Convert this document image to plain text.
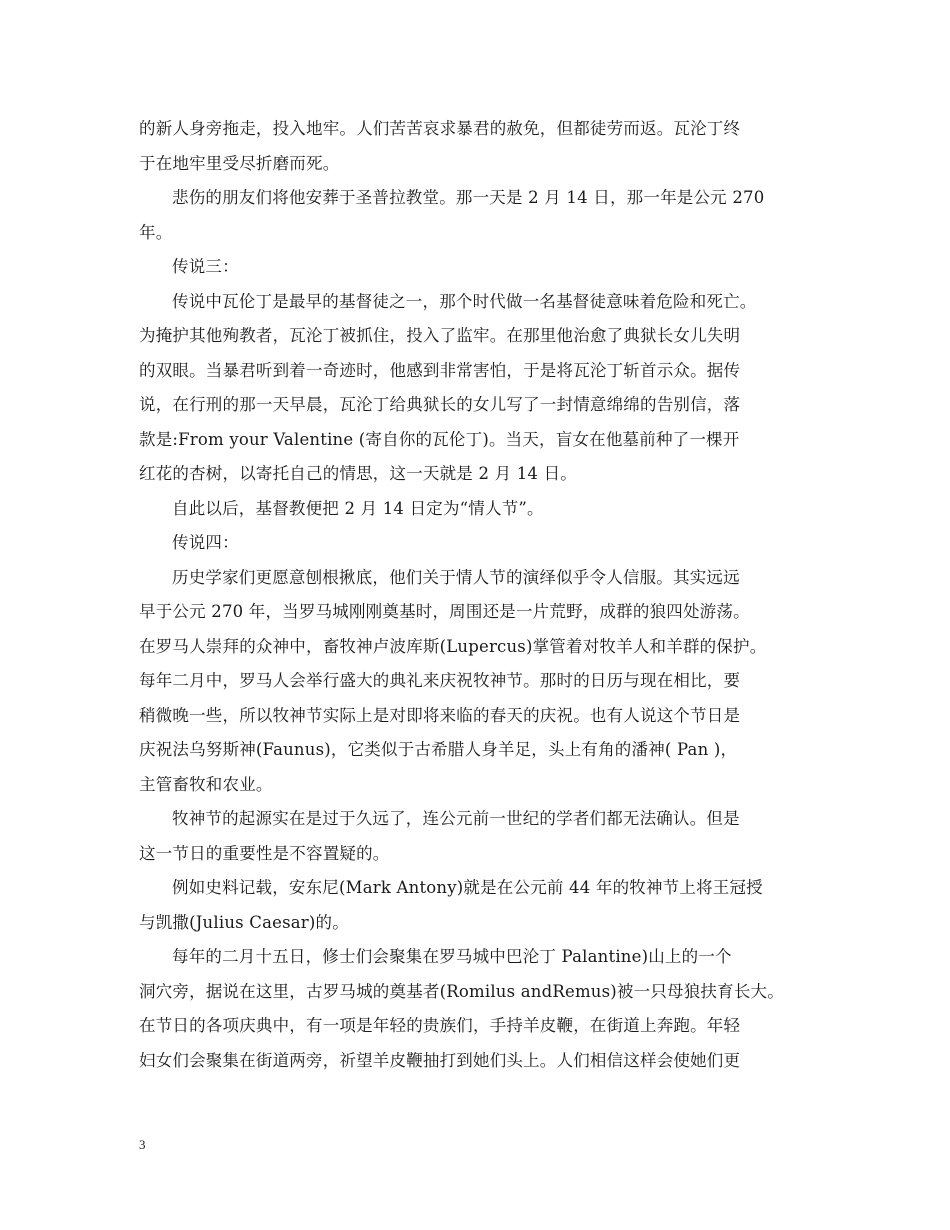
的新人身旁拖走，投入地牢。人们苦苦哀求暴君的赦免，但都徒劳而返。瓦沦丁终
于在地牢里受尽折磨而死。
悲伤的朋友们将他安葬于圣普拉教堂。那一天是 2 月 14 日，那一年是公元 270
年。
传说三：
传说中瓦伦丁是最早的基督徒之一，那个时代做一名基督徒意味着危险和死亡。
为掩护其他殉教者，瓦沦丁被抓住，投入了监牢。在那里他治愈了典狱长女儿失明
的双眼。当暴君听到着一奇迹时，他感到非常害怕，于是将瓦沦丁斩首示众。据传
说，在行刑的那一天早晨，瓦沦丁给典狱长的女儿写了一封情意绵绵的告别信，落
款是:From your Valentine (寄自你的瓦伦丁)。当天，盲女在他墓前种了一棵开
红花的杏树，以寄托自己的情思，这一天就是 2 月 14 日。
自此以后，基督教便把 2 月 14 日定为“情人节”。
传说四：
历史学家们更愿意刨根揪底，他们关于情人节的演绎似乎令人信服。其实远远
早于公元 270 年，当罗马城刚刚奠基时，周围还是一片荒野，成群的狼四处游荡。
在罗马人崇拜的众神中，畜牧神卢波库斯(Lupercus)掌管着对牧羊人和羊群的保护。
每年二月中，罗马人会举行盛大的典礼来庆祝牧神节。那时的日历与现在相比，要
稍微晚一些，所以牧神节实际上是对即将来临的春天的庆祝。也有人说这个节日是
庆祝法乌努斯神(Faunus)，它类似于古希腊人身羊足，头上有角的潘神( Pan )，
主管畜牧和农业。
牧神节的起源实在是过于久远了，连公元前一世纪的学者们都无法确认。但是
这一节日的重要性是不容置疑的。
例如史料记载，安东尼(Mark Antony)就是在公元前 44 年的牧神节上将王冠授
与凯撒(Julius Caesar)的。
每年的二月十五日，修士们会聚集在罗马城中巴沦丁 Palantine)山上的一个
洞穴旁，据说在这里，古罗马城的奠基者(Romilus andRemus)被一只母狼扶育长大。
在节日的各项庆典中，有一项是年轻的贵族们，手持羊皮鞭，在街道上奔跑。年轻
妇女们会聚集在街道两旁，祈望羊皮鞭抽打到她们头上。人们相信这样会使她们更
3
